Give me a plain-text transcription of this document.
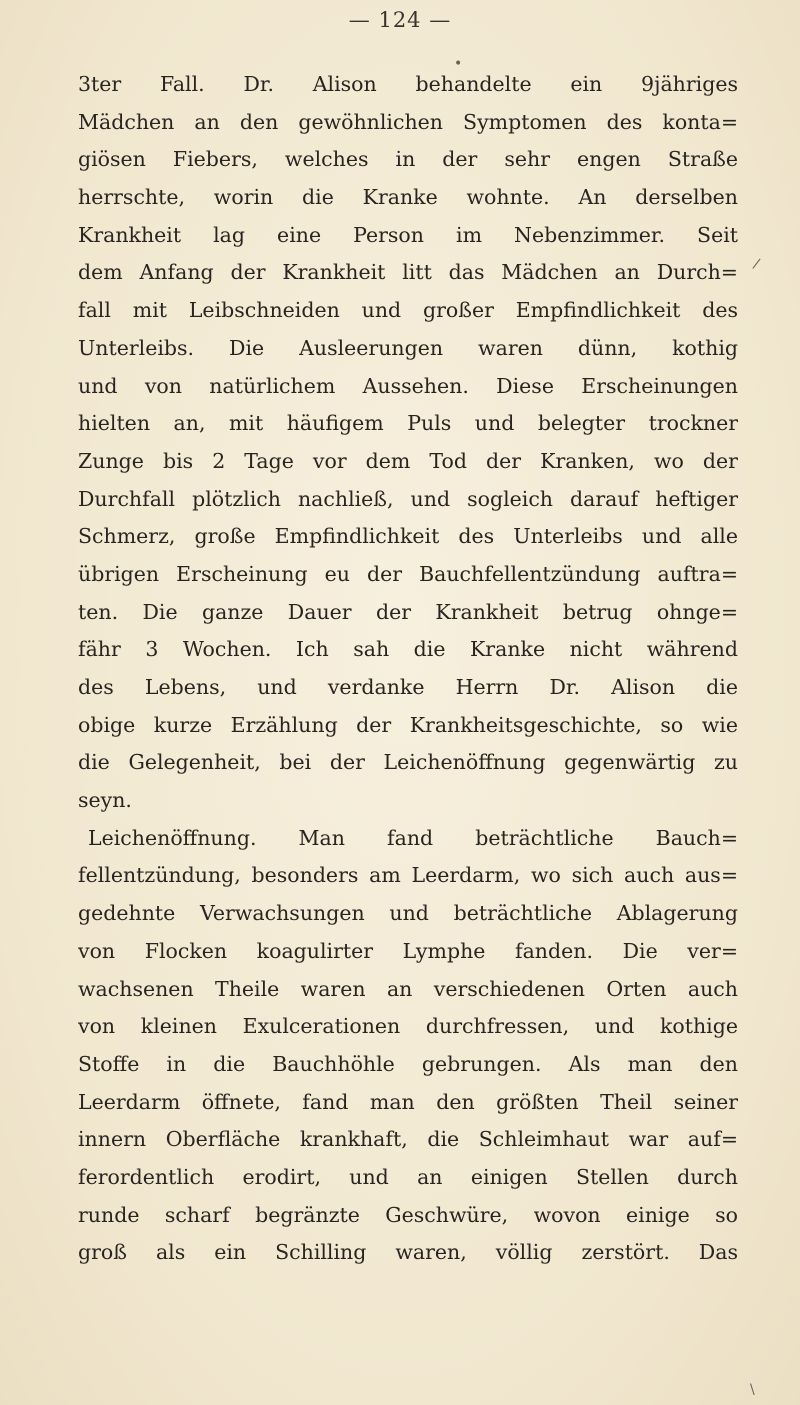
— 124 —
•
/
\
3ter Fall. Dr. Alison behandelte ein 9jähriges
Mädchen an den gewöhnlichen Symptomen des konta=
giösen Fiebers, welches in der sehr engen Straße
herrschte, worin die Kranke wohnte. An derselben
Krankheit lag eine Person im Nebenzimmer. Seit
dem Anfang der Krankheit litt das Mädchen an Durch=
fall mit Leibschneiden und großer Empfindlichkeit des
Unterleibs. Die Ausleerungen waren dünn, kothig
und von natürlichem Aussehen. Diese Erscheinungen
hielten an, mit häufigem Puls und belegter trockner
Zunge bis 2 Tage vor dem Tod der Kranken, wo der
Durchfall plötzlich nachließ, und sogleich darauf heftiger
Schmerz, große Empfindlichkeit des Unterleibs und alle
übrigen Erscheinung eu der Bauchfellentzündung auftra=
ten. Die ganze Dauer der Krankheit betrug ohnge=
fähr 3 Wochen. Ich sah die Kranke nicht während
des Lebens, und verdanke Herrn Dr. Alison die
obige kurze Erzählung der Krankheitsgeschichte, so wie
die Gelegenheit, bei der Leichenöffnung gegenwärtig zu
seyn.
Leichenöffnung. Man fand beträchtliche Bauch=
fellentzündung, besonders am Leerdarm, wo sich auch aus=
gedehnte Verwachsungen und beträchtliche Ablagerung
von Flocken koagulirter Lymphe fanden. Die ver=
wachsenen Theile waren an verschiedenen Orten auch
von kleinen Exulcerationen durchfressen, und kothige
Stoffe in die Bauchhöhle gebrungen. Als man den
Leerdarm öffnete, fand man den größten Theil seiner
innern Oberfläche krankhaft, die Schleimhaut war auf=
ferordentlich erodirt, und an einigen Stellen durch
runde scharf begränzte Geschwüre, wovon einige so
groß als ein Schilling waren, völlig zerstört. Das
